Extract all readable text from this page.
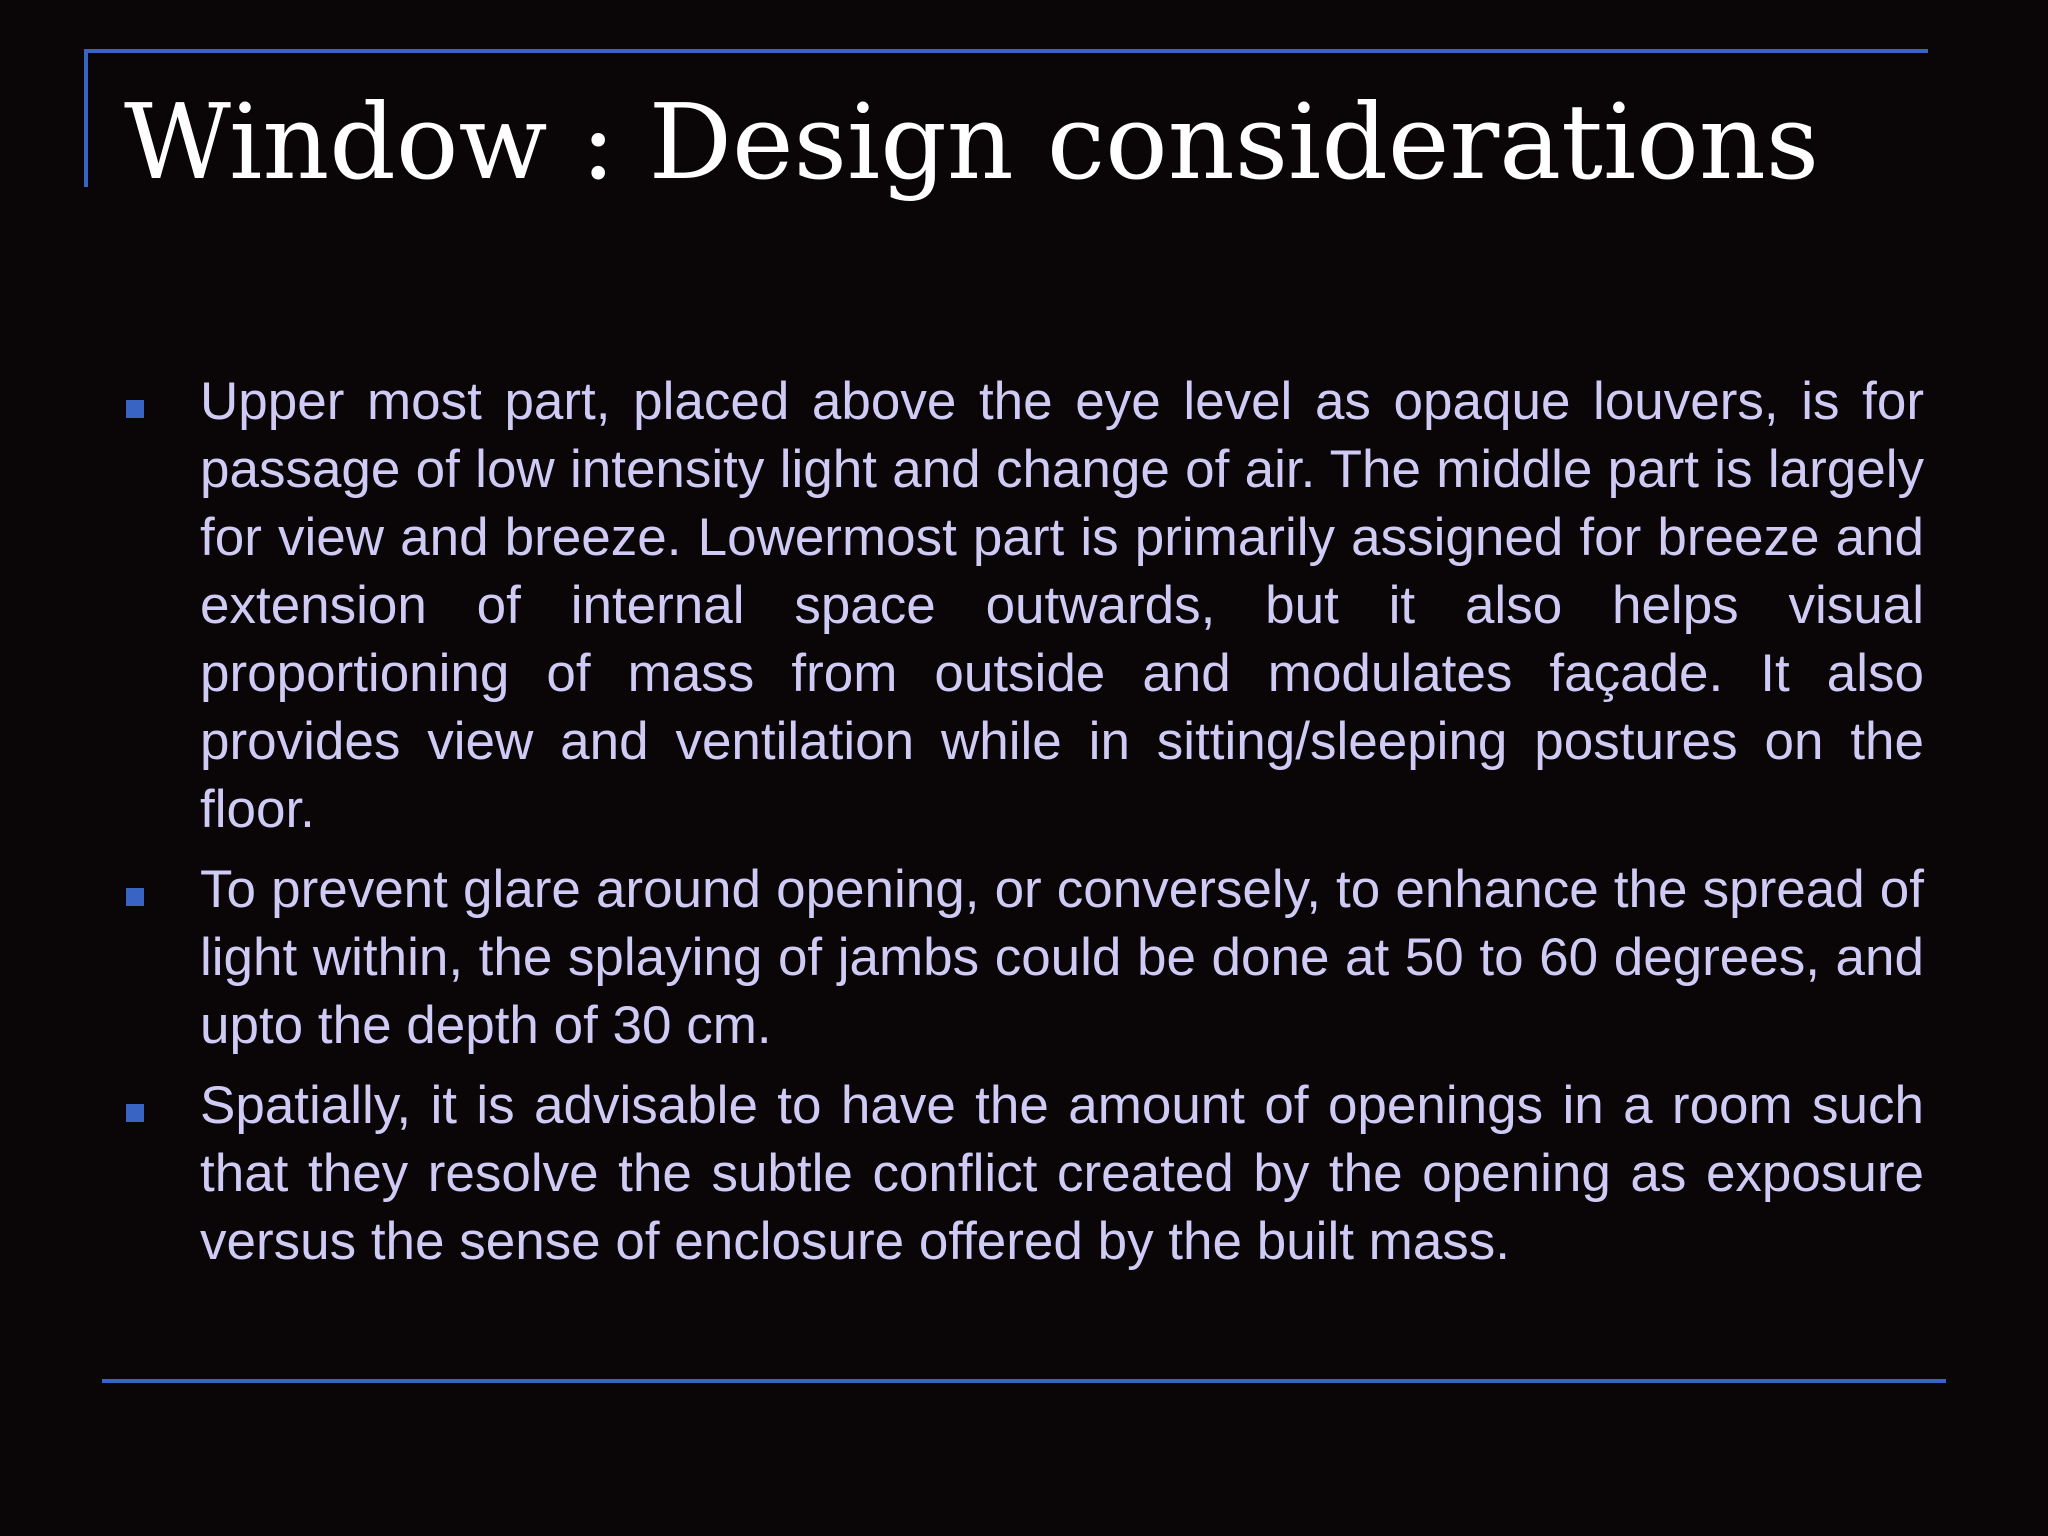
Window : Design considerations
Upper most part, placed above the eye level as opaque louvers, is for passage of low intensity light and change of air. The middle part is largely for view and breeze. Lowermost part is primarily assigned for breeze and extension of internal space outwards, but it also helps visual proportioning of mass from outside and modulates façade. It also provides view and ventilation while in sitting/sleeping postures on the floor.
To prevent glare around opening, or conversely, to enhance the spread of light within, the splaying of jambs could be done at 50 to 60 degrees, and upto the depth of 30 cm.
Spatially, it is advisable to have the amount of openings in a room such that they resolve the subtle conflict created by the opening as exposure versus the sense of enclosure offered by the built mass.
